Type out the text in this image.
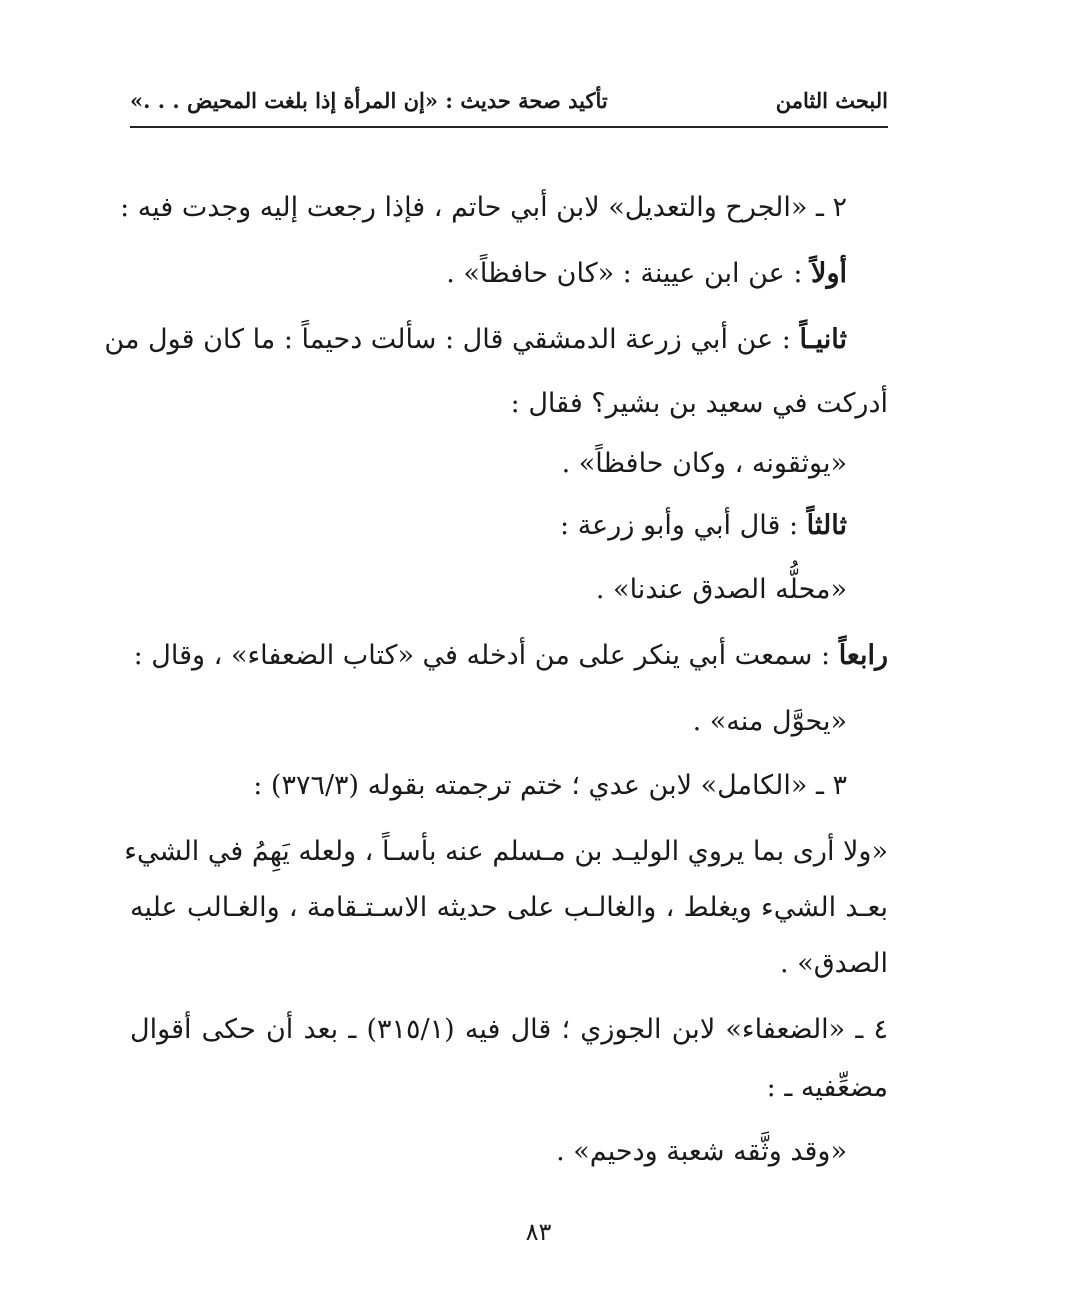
البحث الثامن
تأكيد صحة حديث : «إن المرأة إذا بلغت المحيض . . .»
٢ ـ «الجرح والتعديل» لابن أبي حاتم ، فإذا رجعت إليه وجدت فيه :
أولاً : عن ابن عيينة : «كان حافظاً» .
ثانيـاً : عن أبي زرعة الدمشقي قال : سألت دحيماً : ما كان قول من
أدركت في سعيد بن بشير؟ فقال :
«يوثقونه ، وكان حافظاً» .
ثالثاً : قال أبي وأبو زرعة :
«محلُّه الصدق عندنا» .
رابعاً : سمعت أبي ينكر على من أدخله في «كتاب الضعفاء» ، وقال :
«يحوَّل منه» .
٣ ـ «الكامل» لابن عدي ؛ ختم ترجمته بقوله (٣٧٦/٣) :
«ولا أرى بما يروي الوليـد بن مـسلم عنه بأسـاً ، ولعله يَهِمُ في الشيء
بعـد الشيء ويغلط ، والغالـب على حديثه الاسـتـقامة ، والغـالب عليه
الصدق» .
٤ ـ «الضعفاء» لابن الجوزي ؛ قال فيه (٣١٥/١) ـ بعد أن حكى أقوال
مضعِّفيه ـ :
«وقد وثَّقه شعبة ودحيم» .
٨٣
